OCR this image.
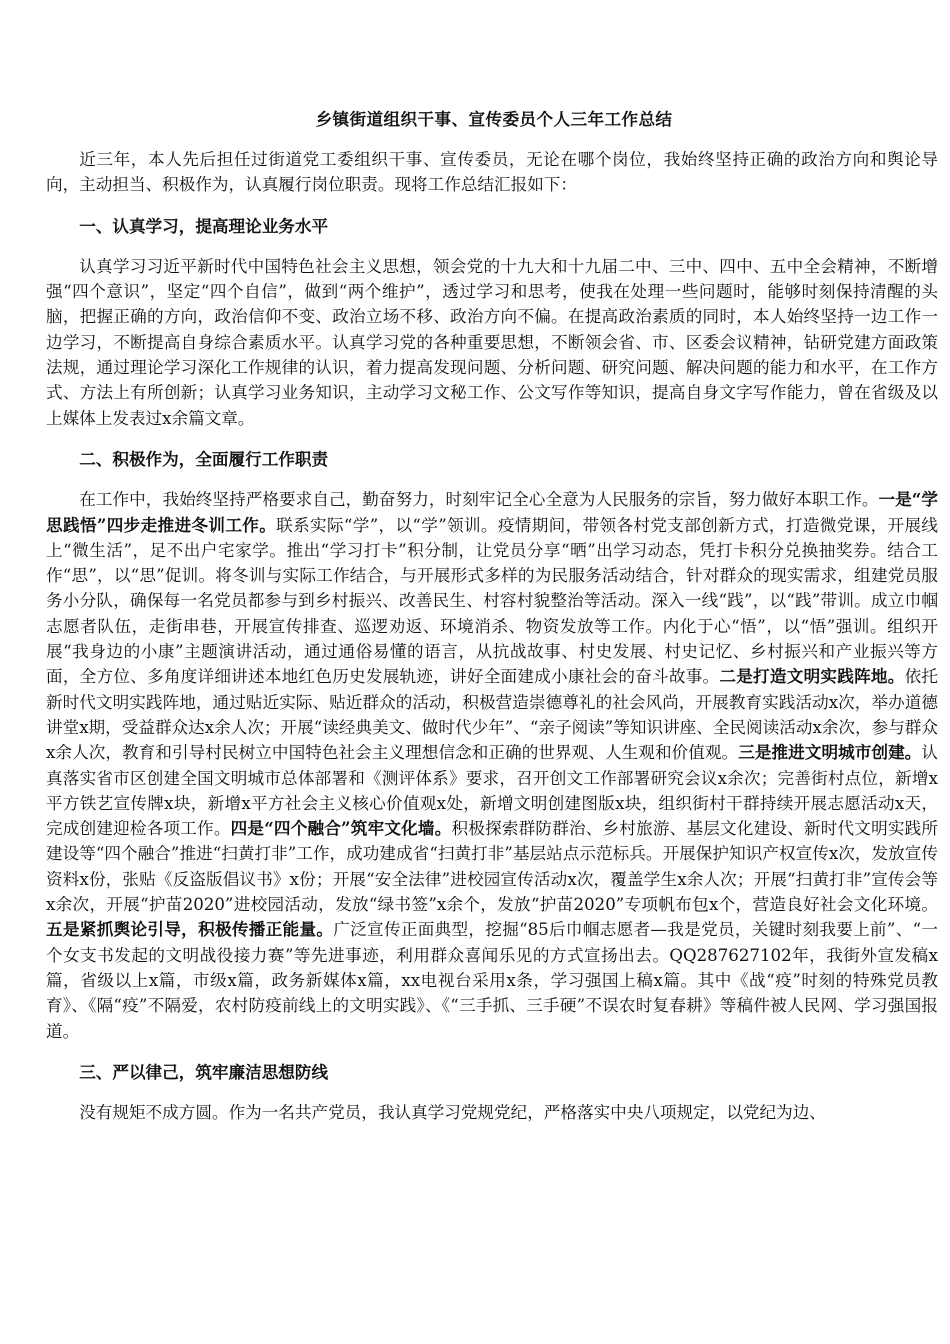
乡镇街道组织干事、宣传委员个人三年工作总结

近三年，本人先后担任过街道党工委组织干事、宣传委员，无论在哪个岗位，我始终坚持正确的政治方向和舆论导向，主动担当、积极作为，认真履行岗位职责。现将工作总结汇报如下：

一、认真学习，提高理论业务水平

认真学习习近平新时代中国特色社会主义思想，领会党的十九大和十九届二中、三中、四中、五中全会精神，不断增强“四个意识”，坚定“四个自信”，做到“两个维护”，透过学习和思考，使我在处理一些问题时，能够时刻保持清醒的头脑，把握正确的方向，政治信仰不变、政治立场不移、政治方向不偏。在提高政治素质的同时，本人始终坚持一边工作一边学习，不断提高自身综合素质水平。认真学习党的各种重要思想，不断领会省、市、区委会议精神，钻研党建方面政策法规，通过理论学习深化工作规律的认识，着力提高发现问题、分析问题、研究问题、解决问题的能力和水平，在工作方式、方法上有所创新；认真学习业务知识，主动学习文秘工作、公文写作等知识，提高自身文字写作能力，曾在省级及以上媒体上发表过x余篇文章。

二、积极作为，全面履行工作职责

在工作中，我始终坚持严格要求自己，勤奋努力，时刻牢记全心全意为人民服务的宗旨，努力做好本职工作。一是“学思践悟”四步走推进冬训工作。联系实际“学”，以“学”领训。疫情期间，带领各村党支部创新方式，打造微党课，开展线上“微生活”，足不出户宅家学。推出“学习打卡”积分制，让党员分享“晒”出学习动态，凭打卡积分兑换抽奖券。结合工作“思”，以“思”促训。将冬训与实际工作结合，与开展形式多样的为民服务活动结合，针对群众的现实需求，组建党员服务小分队，确保每一名党员都参与到乡村振兴、改善民生、村容村貌整治等活动。深入一线“践”，以“践”带训。成立巾帼志愿者队伍，走街串巷，开展宣传排查、巡逻劝返、环境消杀、物资发放等工作。内化于心“悟”，以“悟”强训。组织开展“我身边的小康”主题演讲活动，通过通俗易懂的语言，从抗战故事、村史发展、村史记忆、乡村振兴和产业振兴等方面，全方位、多角度详细讲述本地红色历史发展轨迹，讲好全面建成小康社会的奋斗故事。二是打造文明实践阵地。依托新时代文明实践阵地，通过贴近实际、贴近群众的活动，积极营造崇德尊礼的社会风尚，开展教育实践活动x次，举办道德讲堂x期，受益群众达x余人次；开展“读经典美文、做时代少年”、“亲子阅读”等知识讲座、全民阅读活动x余次，参与群众x余人次，教育和引导村民树立中国特色社会主义理想信念和正确的世界观、人生观和价值观。三是推进文明城市创建。认真落实省市区创建全国文明城市总体部署和《测评体系》要求，召开创文工作部署研究会议x余次；完善街村点位，新增x平方铁艺宣传牌x块，新增x平方社会主义核心价值观x处，新增文明创建图版x块，组织街村干群持续开展志愿活动x天，完成创建迎检各项工作。四是“四个融合”筑牢文化墙。积极探索群防群治、乡村旅游、基层文化建设、新时代文明实践所建设等“四个融合”推进“扫黄打非”工作，成功建成省“扫黄打非”基层站点示范标兵。开展保护知识产权宣传x次，发放宣传资料x份，张贴《反盗版倡议书》x份；开展“安全法律”进校园宣传活动x次，覆盖学生x余人次；开展“扫黄打非”宣传会等x余次，开展“护苗2020”进校园活动，发放“绿书签”x余个，发放“护苗2020”专项帆布包x个，营造良好社会文化环境。五是紧抓舆论引导，积极传播正能量。广泛宣传正面典型，挖掘“85后巾帼志愿者—我是党员，关键时刻我要上前”、“一个女支书发起的文明战役接力赛”等先进事迹，利用群众喜闻乐见的方式宣扬出去。QQ287627102年，我街外宣发稿x篇，省级以上x篇，市级x篇，政务新媒体x篇，xx电视台采用x条，学习强国上稿x篇。其中《战“疫”时刻的特殊党员教育》、《隔“疫”不隔爱，农村防疫前线上的文明实践》、《“三手抓、三手硬”不误农时复春耕》等稿件被人民网、学习强国报道。

三、严以律己，筑牢廉洁思想防线

没有规矩不成方圆。作为一名共产党员，我认真学习党规党纪，严格落实中央八项规定，以党纪为边、
